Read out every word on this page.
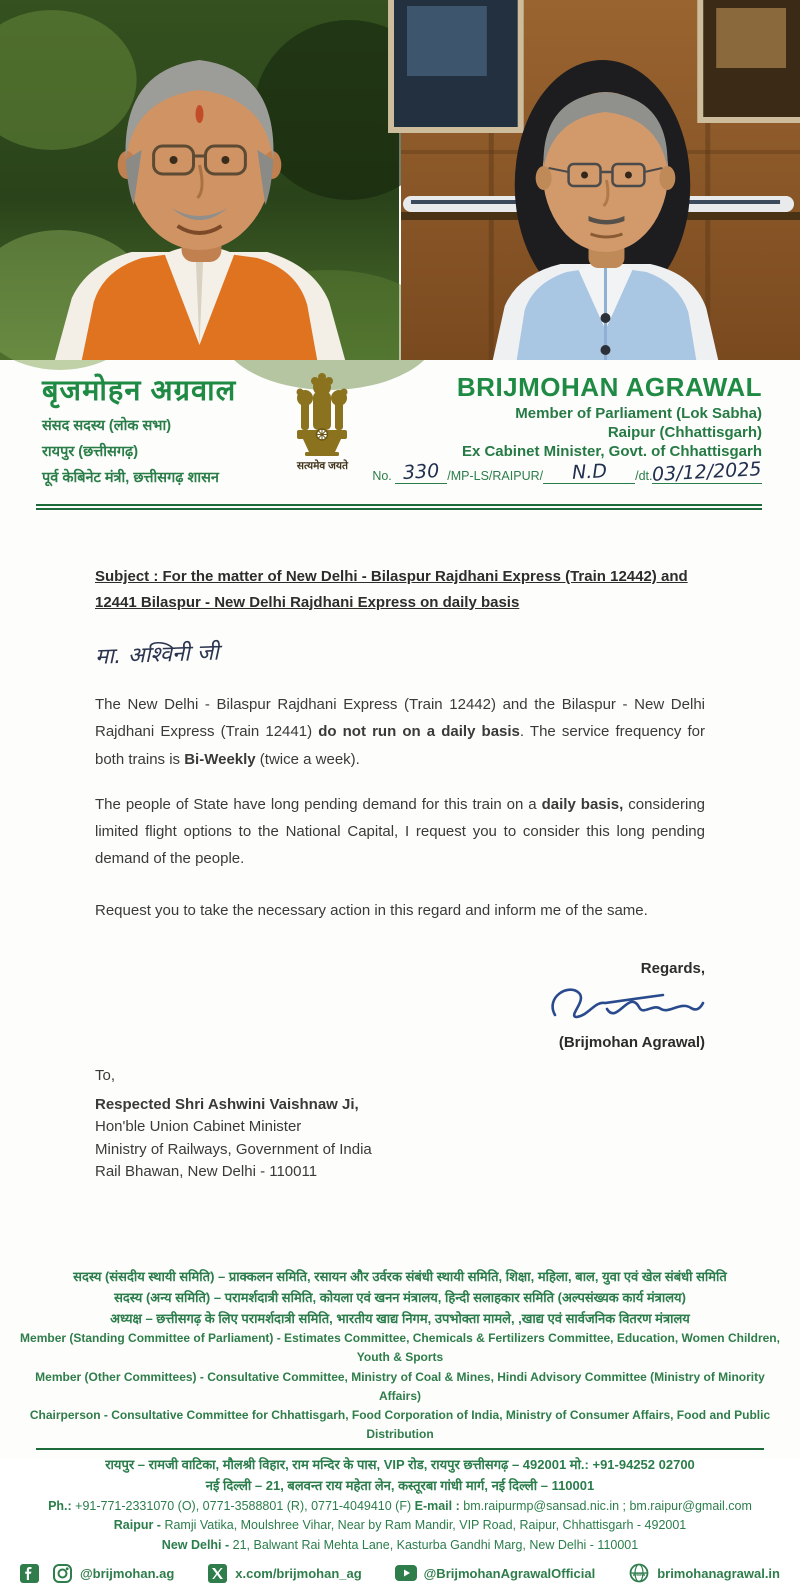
बृजमोहन अग्रवाल
संसद सदस्य (लोक सभा)
रायपुर (छत्तीसगढ़)
पूर्व केबिनेट मंत्री, छत्तीसगढ़ शासन
सत्यमेव जयते
BRIJMOHAN AGRAWAL
Member of Parliament (Lok Sabha)
Raipur (Chhattisgarh)
Ex Cabinet Minister, Govt. of Chhattisgarh
No. 330 /MP-LS/RAIPUR/ N.D /dt.03/12/2025

Subject : For the matter of New Delhi - Bilaspur Rajdhani Express (Train 12442) and 12441 Bilaspur - New Delhi Rajdhani Express on daily basis

मा. अश्विनी जी

The New Delhi - Bilaspur Rajdhani Express (Train 12442) and the Bilaspur - New Delhi Rajdhani Express (Train 12441) do not run on a daily basis. The service frequency for both trains is Bi-Weekly (twice a week).

The people of State have long pending demand for this train on a daily basis, considering limited flight options to the National Capital, I request you to consider this long pending demand of the people.

Request you to take the necessary action in this regard and inform me of the same.

Regards,
(Brijmohan Agrawal)
To,
Respected Shri Ashwini Vaishnaw Ji,
Hon'ble Union Cabinet Minister
Ministry of Railways, Government of India
Rail Bhawan, New Delhi - 110011
सदस्य (संसदीय स्थायी समिति) – प्राक्कलन समिति, रसायन और उर्वरक संबंधी स्थायी समिति, शिक्षा, महिला, बाल, युवा एवं खेल संबंधी समिति
सदस्य (अन्य समिति) – परामर्शदात्री समिति, कोयला एवं खनन मंत्रालय, हिन्दी सलाहकार समिति (अल्पसंख्यक कार्य मंत्रालय)
अध्यक्ष – छत्तीसगढ़ के लिए परामर्शदात्री समिति, भारतीय खाद्य निगम, उपभोक्ता मामले, ,खाद्य एवं सार्वजनिक वितरण मंत्रालय
Member (Standing Committee of Parliament) - Estimates Committee, Chemicals & Fertilizers Committee, Education, Women Children, Youth & Sports
Member (Other Committees) - Consultative Committee, Ministry of Coal & Mines, Hindi Advisory Committee (Ministry of Minority Affairs)
Chairperson - Consultative Committee for Chhattisgarh, Food Corporation of India, Ministry of Consumer Affairs, Food and Public Distribution
रायपुर – रामजी वाटिका, मौलश्री विहार, राम मन्दिर के पास, VIP रोड, रायपुर छत्तीसगढ़ – 492001 मो.: +91-94252 02700
नई दिल्ली – 21, बलवन्त राय महेता लेन, कस्तूरबा गांधी मार्ग, नई दिल्ली – 110001
Ph.: +91-771-2331070 (O), 0771-3588801 (R), 0771-4049410 (F) E-mail : bm.raipurmp@sansad.nic.in ; bm.raipur@gmail.com
Raipur - Ramji Vatika, Moulshree Vihar, Near by Ram Mandir, VIP Road, Raipur, Chhattisgarh - 492001
New Delhi - 21, Balwant Rai Mehta Lane, Kasturba Gandhi Marg, New Delhi - 110001
@brijmohan.ag	x.com/brijmohan_ag	@BrijmohanAgrawalOfficial	www brimohanagrawal.in
